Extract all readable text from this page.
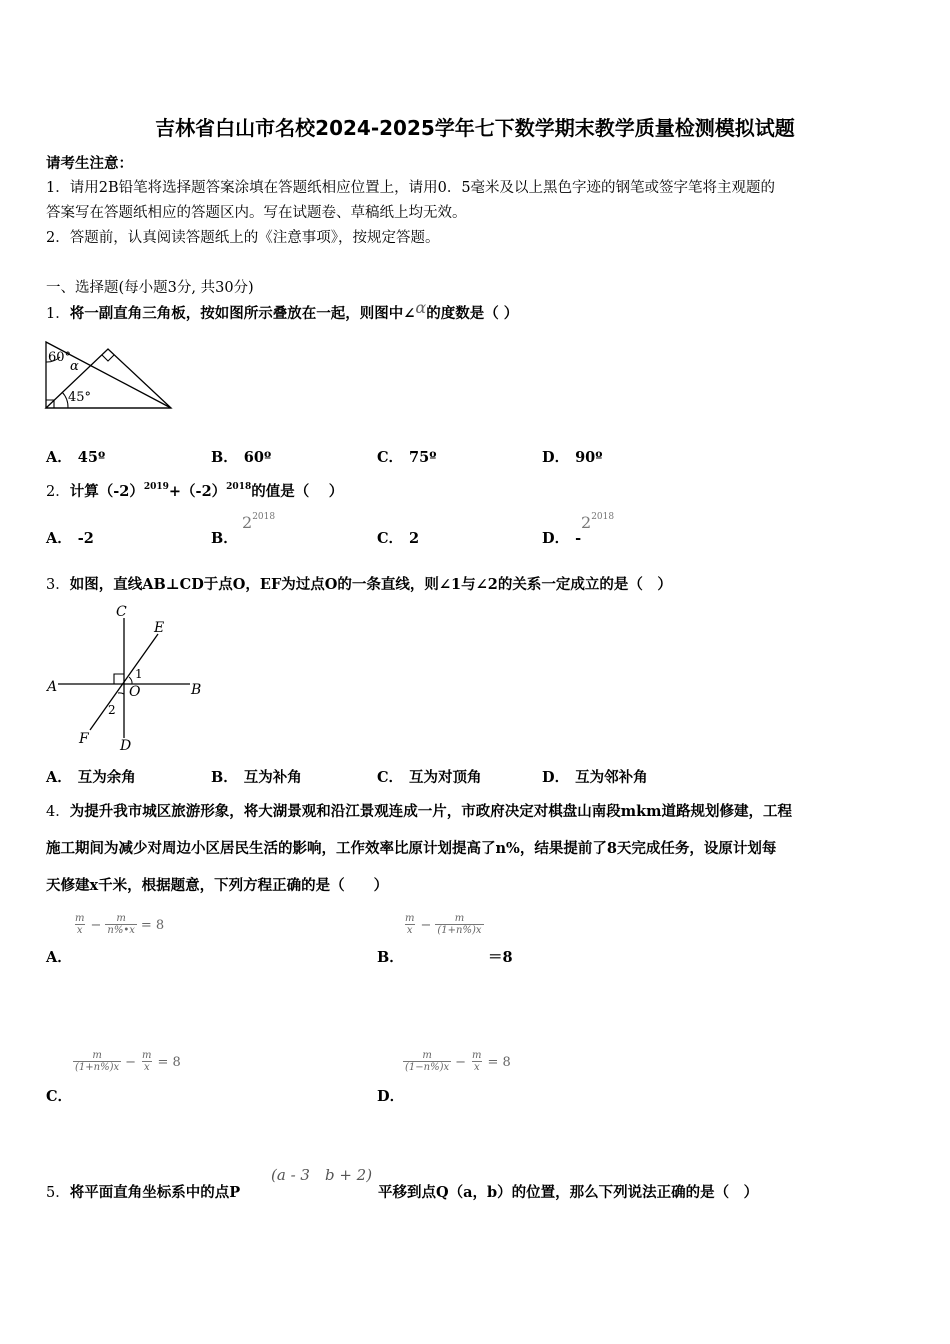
吉林省白山市名校2024-2025学年七下数学期末教学质量检测模拟试题
请考生注意：
1．请用2B铅笔将选择题答案涂填在答题纸相应位置上，请用0．5毫米及以上黑色字迹的钢笔或签字笔将主观题的
答案写在答题纸相应的答题区内。写在试题卷、草稿纸上均无效。
2．答题前，认真阅读答题纸上的《注意事项》，按规定答题。
一、选择题(每小题3分, 共30分)
1．将一副直角三角板，按如图所示叠放在一起，则图中∠α的度数是（ ）
60°
α
45°
A． 45º	B． 60º	C． 75º	D． 90º
2．计算$(-2)^{2019}+(-2)^{2018}$的值是（　 ）
A． -2	B．
$2^{2018}$
C． 2	D． -
$2^{2018}$
3．如图，直线AB⊥CD于点O，EF为过点O的一条直线，则∠1与∠2的关系一定成立的是（　）
C
E
A	B
O
1
2
F D
A． 互为余角	B． 互为补角	C． 互为对顶角	D． 互为邻补角
4．为提升我市城区旅游形象，将大湖景观和沿江景观连成一片，市政府决定对棋盘山南段mkm道路规划修建，工程
施工期间为减少对周边小区居民生活的影响，工作效率比原计划提高了n%，结果提前了8天完成任务，设原计划每
天修建x千米，根据题意，下列方程正确的是（　　）
$\frac{m}{x} - \frac{m}{n\%•x} = 8$
A．
$\frac{m}{x} - \frac{m}{(1+n\%)x}$
B．	＝8
$\frac{m}{(1+n\%)x} - \frac{m}{x} = 8$
C．
$\frac{m}{(1-n\%)x} - \frac{m}{x} = 8$
D．
5．将平面直角坐标系中的点P
(a - 3　b + 2)
平移到点Q（a，b）的位置，那么下列说法正确的是（　）
